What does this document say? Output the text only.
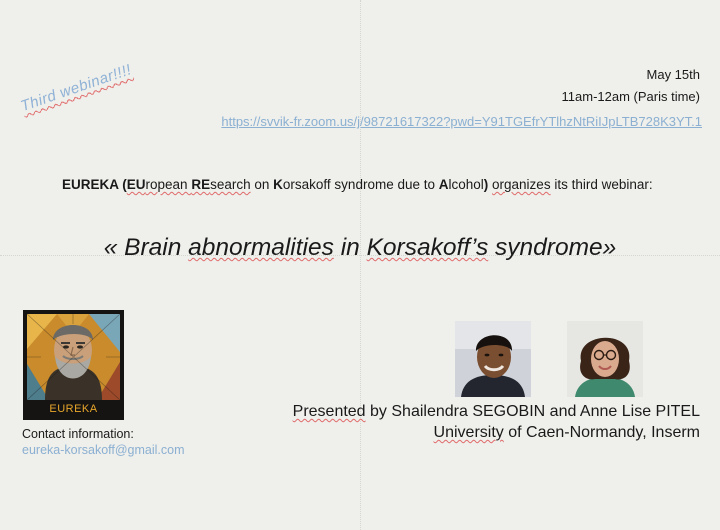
Third webinar!!!!	May 15th
11am-12am (Paris time)
https://svvik-fr.zoom.us/j/98721617322?pwd=Y91TGEfrYTlhzNtRiIJpLTB728K3YT.1
EUREKA (EUropean REsearch on Korsakoff syndrome due to Alcohol) organizes its third webinar:
« Brain abnormalities in Korsakoff’s syndrome»
EUREKA
Contact information:
eureka-korsakoff@gmail.com
Presented by Shailendra SEGOBIN and Anne Lise PITEL
University of Caen-Normandy, Inserm
